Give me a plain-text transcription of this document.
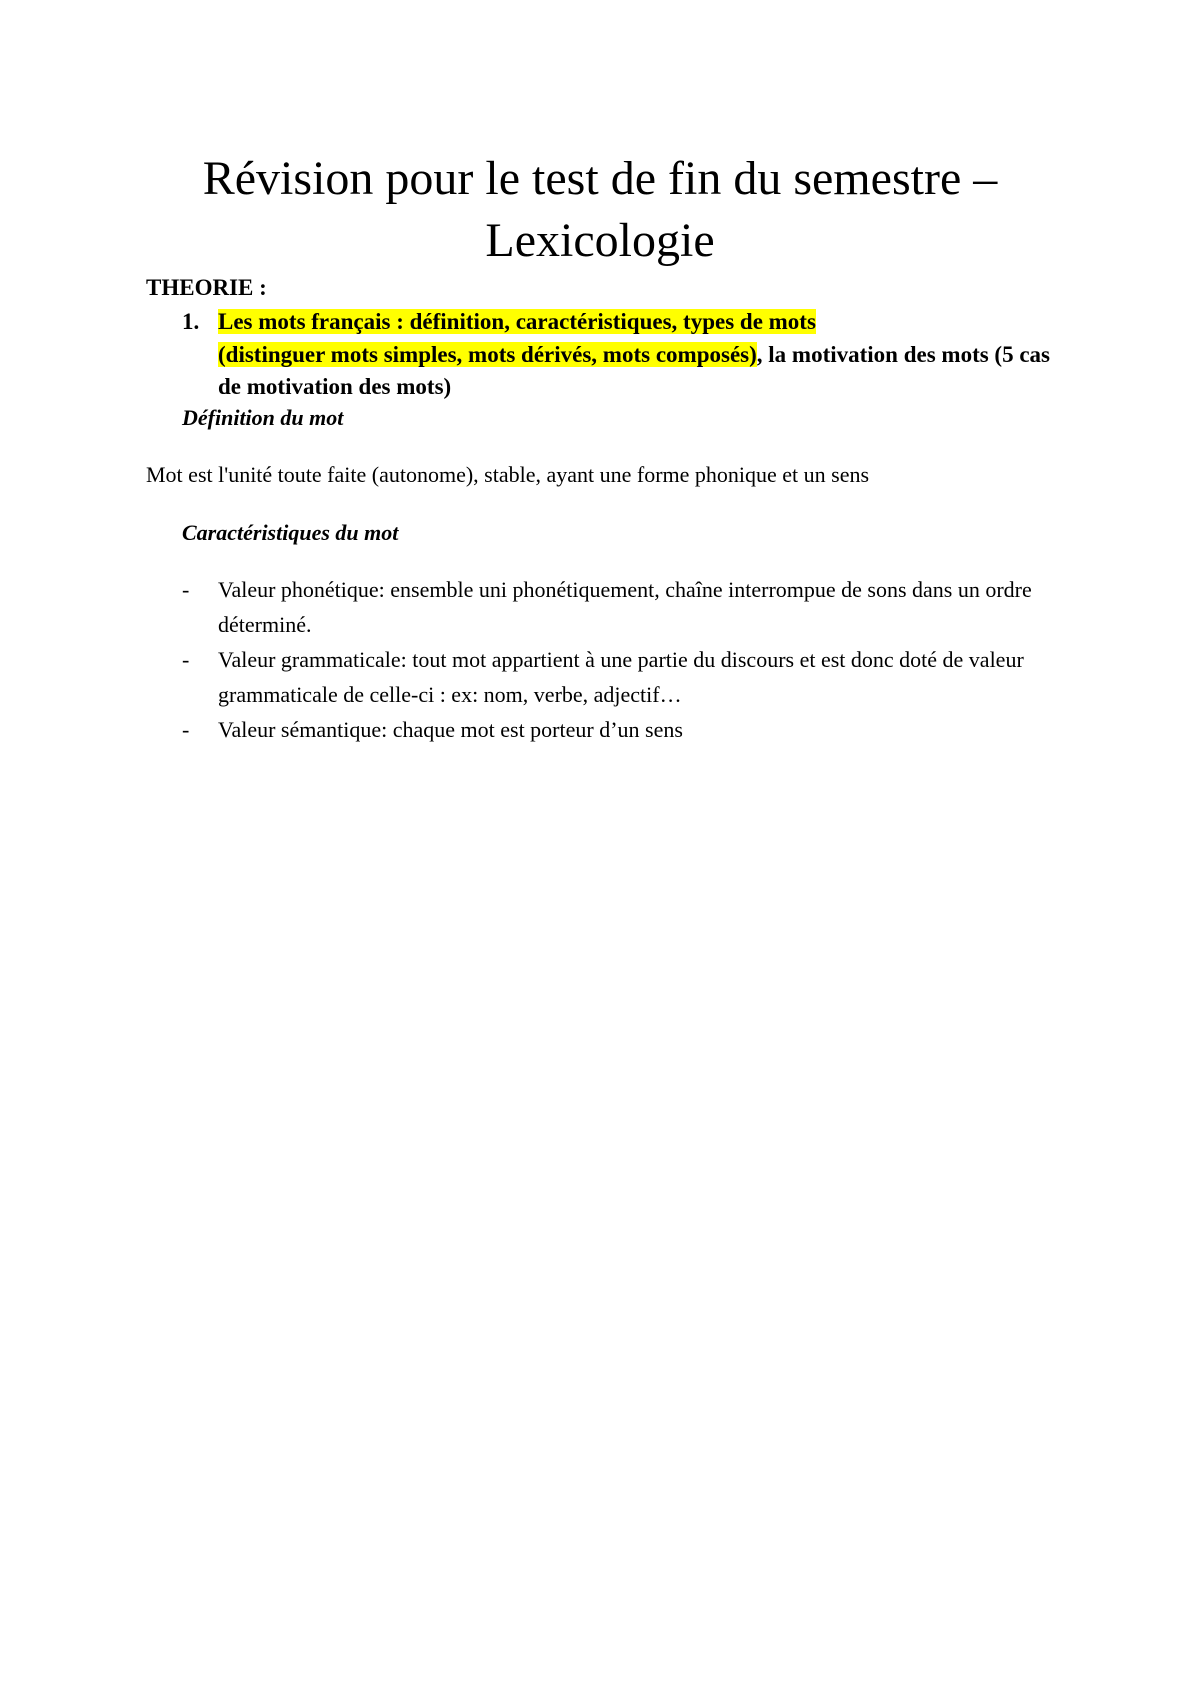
Révision pour le test de fin du semestre – Lexicologie
THEORIE :
1. Les mots français : définition, caractéristiques, types de mots
(distinguer mots simples, mots dérivés, mots composés), la motivation des mots (5 cas de motivation des mots)
Définition du mot
Mot est l'unité toute faite (autonome), stable, ayant une forme phonique et un sens
Caractéristiques du mot
- Valeur phonétique: ensemble uni phonétiquement, chaîne interrompue de sons dans un ordre déterminé.
- Valeur grammaticale: tout mot appartient à une partie du discours et est donc doté de valeur grammaticale de celle-ci : ex: nom, verbe, adjectif…
- Valeur sémantique: chaque mot est porteur d’un sens
